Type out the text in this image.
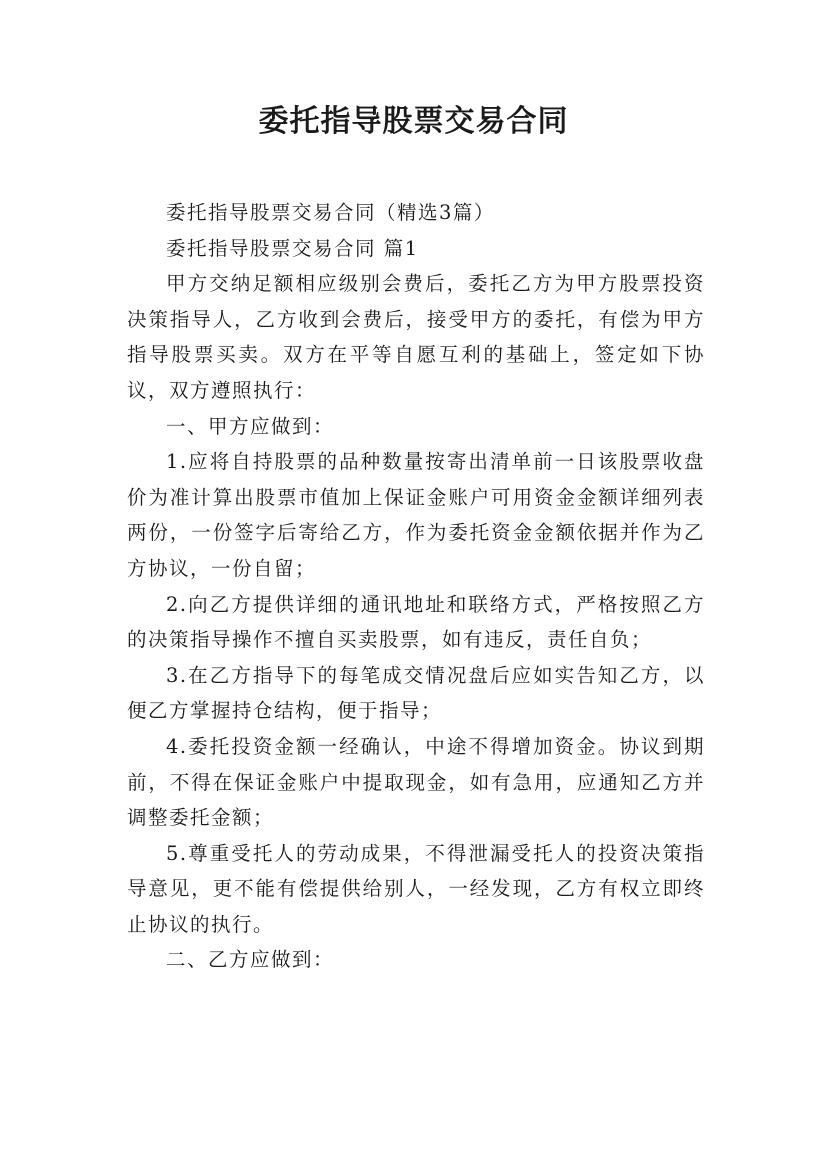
委托指导股票交易合同

委托指导股票交易合同（精选3篇）

委托指导股票交易合同 篇1

甲方交纳足额相应级别会费后，委托乙方为甲方股票投资决策指导人，乙方收到会费后，接受甲方的委托，有偿为甲方指导股票买卖。双方在平等自愿互利的基础上，签定如下协议，双方遵照执行：

一、甲方应做到：

1.应将自持股票的品种数量按寄出清单前一日该股票收盘价为准计算出股票市值加上保证金账户可用资金金额详细列表两份，一份签字后寄给乙方，作为委托资金金额依据并作为乙方协议，一份自留；

2.向乙方提供详细的通讯地址和联络方式，严格按照乙方的决策指导操作不擅自买卖股票，如有违反，责任自负；

3.在乙方指导下的每笔成交情况盘后应如实告知乙方，以便乙方掌握持仓结构，便于指导；

4.委托投资金额一经确认，中途不得增加资金。协议到期前，不得在保证金账户中提取现金，如有急用，应通知乙方并调整委托金额；

5.尊重受托人的劳动成果，不得泄漏受托人的投资决策指导意见，更不能有偿提供给别人，一经发现，乙方有权立即终止协议的执行。

二、乙方应做到：
